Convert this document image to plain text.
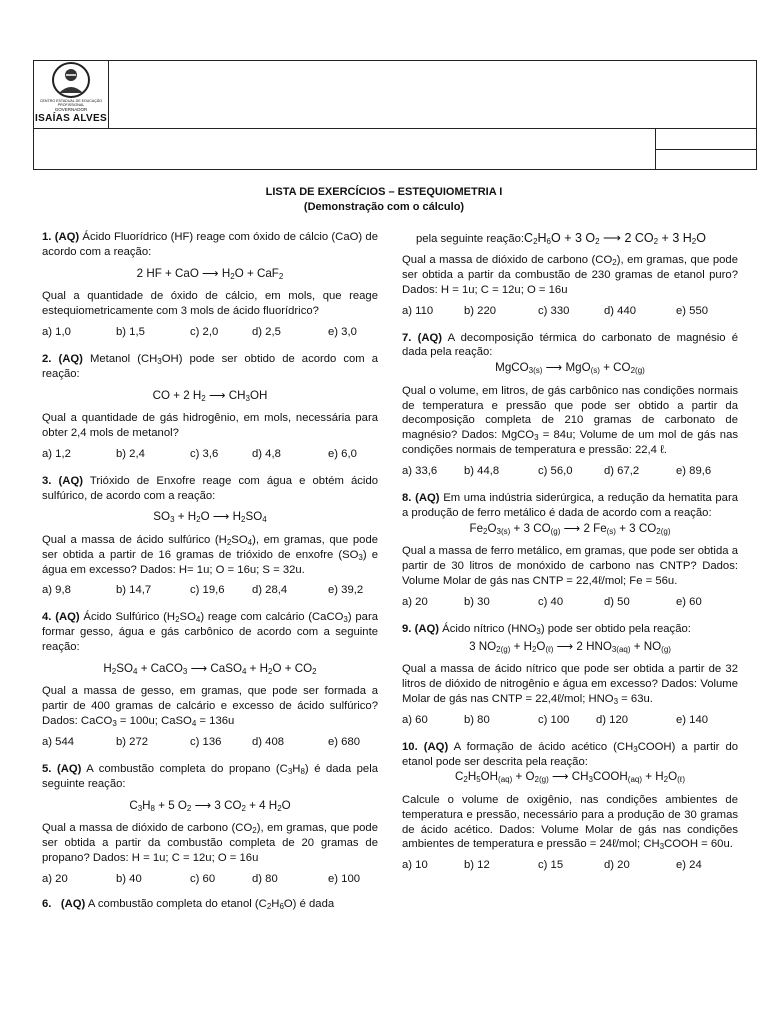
CENTRO ESTADUAL DE EDUCAÇÃO PROFISSIONAL
GOVERNADOR
ISAÍAS ALVES
LISTA DE EXERCÍCIOS – ESTEQUIOMETRIA I
(Demonstração com o cálculo)

1. (AQ) Ácido Fluorídrico (HF) reage com óxido de cálcio (CaO) de acordo com a reação:

2 HF + CaO ⟶ $H_2O + CaF_2$

Qual a quantidade de óxido de cálcio, em mols, que reage estequiometricamente com 3 mols de ácido fluorídrico?

a) 1,0	b) 1,5	c) 2,0	d) 2,5	e) 3,0

2. (AQ) Metanol $(CH_3OH)$ pode ser obtido de acordo com a reação:

CO + 2 $H_2$ ⟶ $CH_3OH$

Qual a quantidade de gás hidrogênio, em mols, necessária para obter 2,4 mols de metanol?

a) 1,2	b) 2,4	c) 3,6	d) 4,8	e) 6,0

3. (AQ) Trióxido de Enxofre reage com água e obtém ácido sulfúrico, de acordo com a reação:

$SO_3 + H_2O$ ⟶ $H_2SO_4$

Qual a massa de ácido sulfúrico $(H_2SO_4)$, em gramas, que pode ser obtida a partir de 16 gramas de trióxido de enxofre $(SO_3)$ e água em excesso? Dados: H= 1u; O = 16u; S = 32u.

a) 9,8	b) 14,7	c) 19,6	d) 28,4	e) 39,2

4. (AQ) Ácido Sulfúrico $(H_2SO_4)$ reage com calcário (CaCO$_3$) para formar gesso, água e gás carbônico de acordo com a seguinte reação:

$H_2SO_4$ + CaCO$_3$ ⟶ CaSO$_4$ + $H_2O + CO_2$

Qual a massa de gesso, em gramas, que pode ser formada a partir de 400 gramas de calcário e excesso de ácido sulfúrico? Dados: CaCO$_3$ = 100u; CaSO$_4$ = 136u

a) 544	b) 272	c) 136	d) 408	e) 680

5. (AQ) A combustão completa do propano $(C_3H_8)$ é dada pela seguinte reação:

$C_3H_8 + 5$ $O_2$ ⟶ 3 $CO_2 + 4$ $H_2O$

Qual a massa de dióxido de carbono $(CO_2)$, em gramas, que pode ser obtida a partir da combustão completa de 20 gramas de propano? Dados: H = 1u; C = 12u; O = 16u

a) 20	b) 40	c) 60	d) 80	e) 100

6. (AQ) A combustão completa do etanol $(C_2H_6O)$ é dada

pela seguinte $reação:C_2H_6O + 3$ $O_2$ ⟶ 2 $CO_2 + 3$ $H_2O$

Qual a massa de dióxido de carbono $(CO_2)$, em gramas, que pode ser obtida a partir da combustão de 230 gramas de etanol puro? Dados: H = 1u; C = 12u; O = 16u

a) 110	b) 220	c) 330	d) 440	e) 550

7. (AQ) A decomposição térmica do carbonato de magnésio é dada pela reação:

MgCO$_{3(s)}$ ⟶ $MgO_{(s)} + CO_{2(g)}$

Qual o volume, em litros, de gás carbônico nas condições normais de temperatura e pressão que pode ser obtido a partir da decomposição completa de 210 gramas de carbonato de magnésio? Dados: MgCO$_3$ = 84u; Volume de um mol de gás nas condições normais de temperatura e pressão: 22,4 ℓ.

a) 33,6	b) 44,8	c) 56,0	d) 67,2	e) 89,6

8. (AQ) Em uma indústria siderúrgica, a redução da hematita para a produção de ferro metálico é dada de acordo com a reação:

$Fe_2O_{3(s)} + 3$ $CO_{(g)}$ ⟶ 2 $Fe_{(s)} + 3$ $CO_{2(g)}$

Qual a massa de ferro metálico, em gramas, que pode ser obtida a partir de 30 litros de monóxido de carbono nas CNTP? Dados: Volume Molar de gás nas CNTP = 22,4ℓ/mol; Fe = 56u.

a) 20	b) 30	c) 40	d) 50	e) 60

9. (AQ) Ácido nítrico $(HNO_3)$ pode ser obtido pela reação:

3 $NO_{2(g)} + H_2O_{(\ell)}$ ⟶ 2 $HNO_{3(aq)} + NO_{(g)}$

Qual a massa de ácido nítrico que pode ser obtida a partir de 32 litros de dióxido de nitrogênio e água em excesso? Dados: Volume Molar de gás nas CNTP = 22,4ℓ/mol; $HNO_3 = 63u$.

a) 60	b) 80	c) 100	d) 120	e) 140

10. (AQ) A formação de ácido acético $(CH_3COOH)$ a partir do etanol pode ser descrita pela reação:

$C_2H_5OH_{(aq)} + O_{2(g)}$ ⟶ $CH_3COOH_{(aq)} + H_2O_{(\ell)}$

Calcule o volume de oxigênio, nas condições ambientes de temperatura e pressão, necessário para a produção de 30 gramas de ácido acético. Dados: Volume Molar de gás nas condições ambientes de temperatura e pressão = 24ℓ/mol; $CH_3COOH = 60u$.

a) 10	b) 12	c) 15	d) 20	e) 24
